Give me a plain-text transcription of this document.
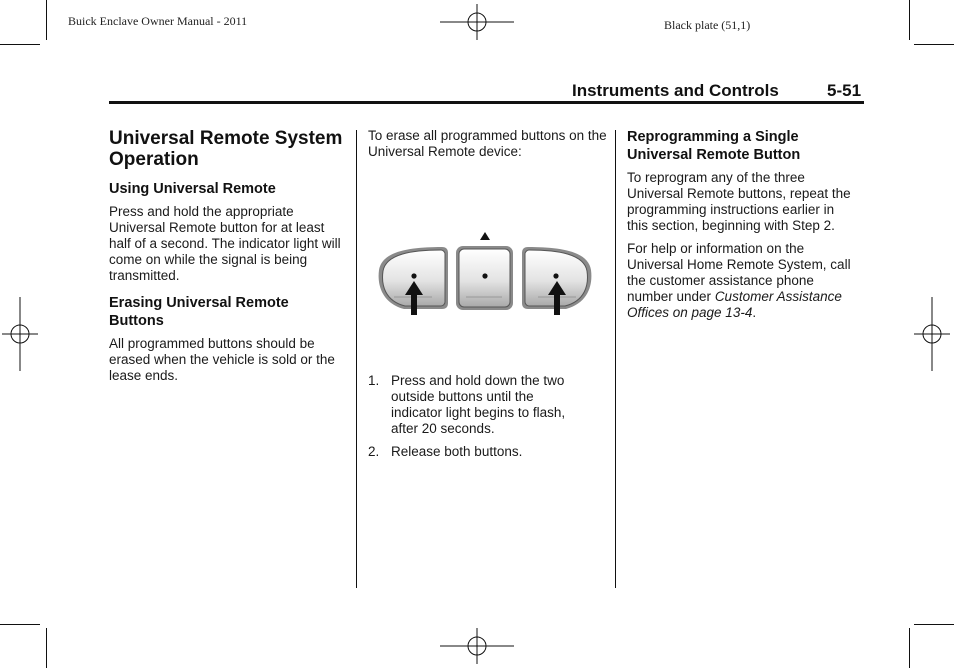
Buick Enclave Owner Manual - 2011	Black plate (51,1)
Instruments and Controls	5-51
Universal Remote System Operation
Using Universal Remote
Press and hold the appropriate Universal Remote button for at least half of a second. The indicator light will come on while the signal is being transmitted.
Erasing Universal Remote Buttons
All programmed buttons should be erased when the vehicle is sold or the lease ends.
To erase all programmed buttons on the Universal Remote device:
1. Press and hold down the two outside buttons until the indicator light begins to flash, after 20 seconds.
2. Release both buttons.
Reprogramming a Single Universal Remote Button
To reprogram any of the three Universal Remote buttons, repeat the programming instructions earlier in this section, beginning with Step 2.
For help or information on the Universal Home Remote System, call the customer assistance phone number under Customer Assistance Offices on page 13-4.
